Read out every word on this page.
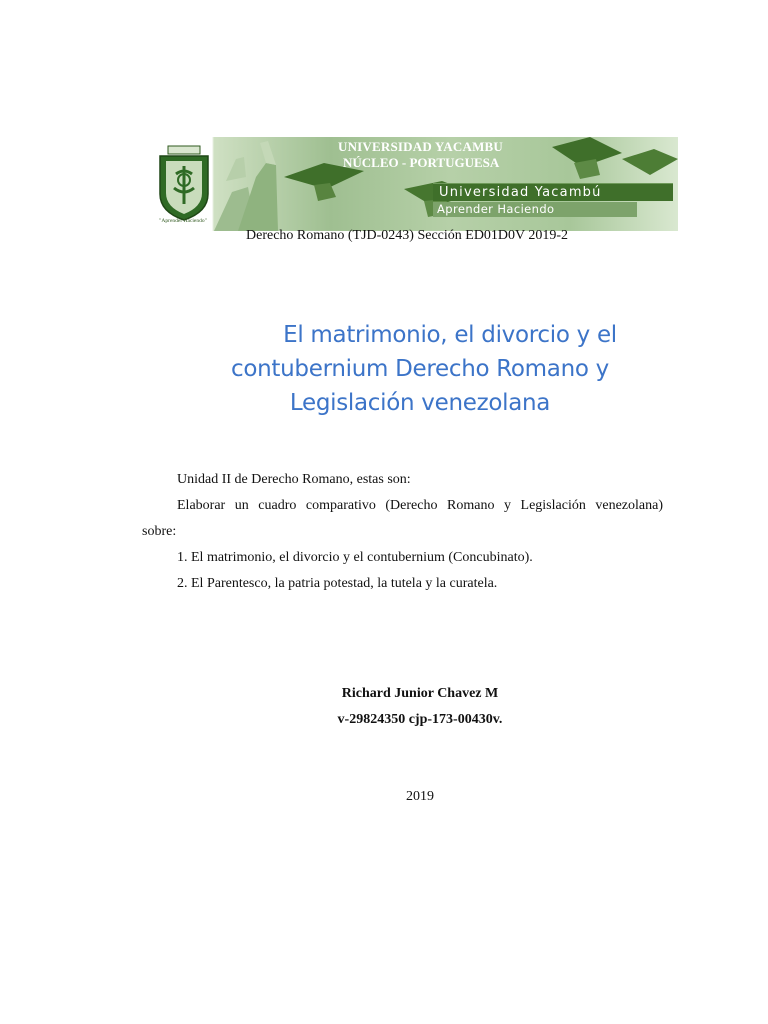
"Aprender Haciendo"
UNIVERSIDAD YACAMBU
NÚCLEO - PORTUGUESA
Universidad Yacambú
Aprender Haciendo
Derecho Romano (TJD-0243) Sección ED01D0V 2019-2
El matrimonio, el divorcio y el
contubernium Derecho Romano y
Legislación venezolana

Unidad II de Derecho Romano, estas son:

Elaborar un cuadro comparativo (Derecho Romano y Legislación venezolana)

sobre:

1. El matrimonio, el divorcio y el contubernium (Concubinato).

2. El Parentesco, la patria potestad, la tutela y la curatela.

Richard Junior Chavez M
v-29824350 cjp-173-00430v.
2019
